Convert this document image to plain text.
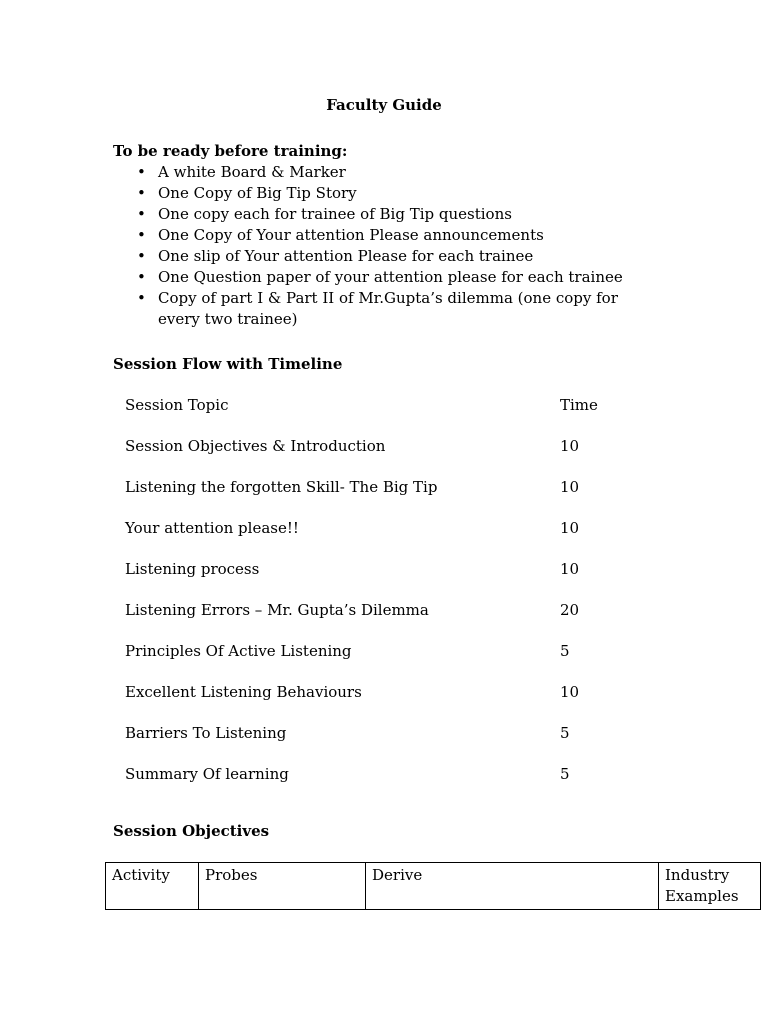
Faculty Guide
To be ready before training:
• A white Board & Marker
• One Copy of Big Tip Story
• One copy each for trainee of Big Tip questions
• One Copy of Your attention Please announcements
• One slip of Your attention Please for each trainee
• One Question paper of your attention please for each trainee
• Copy of part I & Part II of Mr.Gupta’s dilemma (one copy for every two trainee)
Session Flow with Timeline
Session Topic	Time
Session Objectives & Introduction	10
Listening the forgotten Skill- The Big Tip	10
Your attention please!!	10
Listening process	10
Listening Errors – Mr. Gupta’s Dilemma	20
Principles Of Active Listening	5
Excellent Listening Behaviours	10
Barriers To Listening	5
Summary Of learning	5
Session Objectives
Activity	Probes	Derive	Industry Examples
